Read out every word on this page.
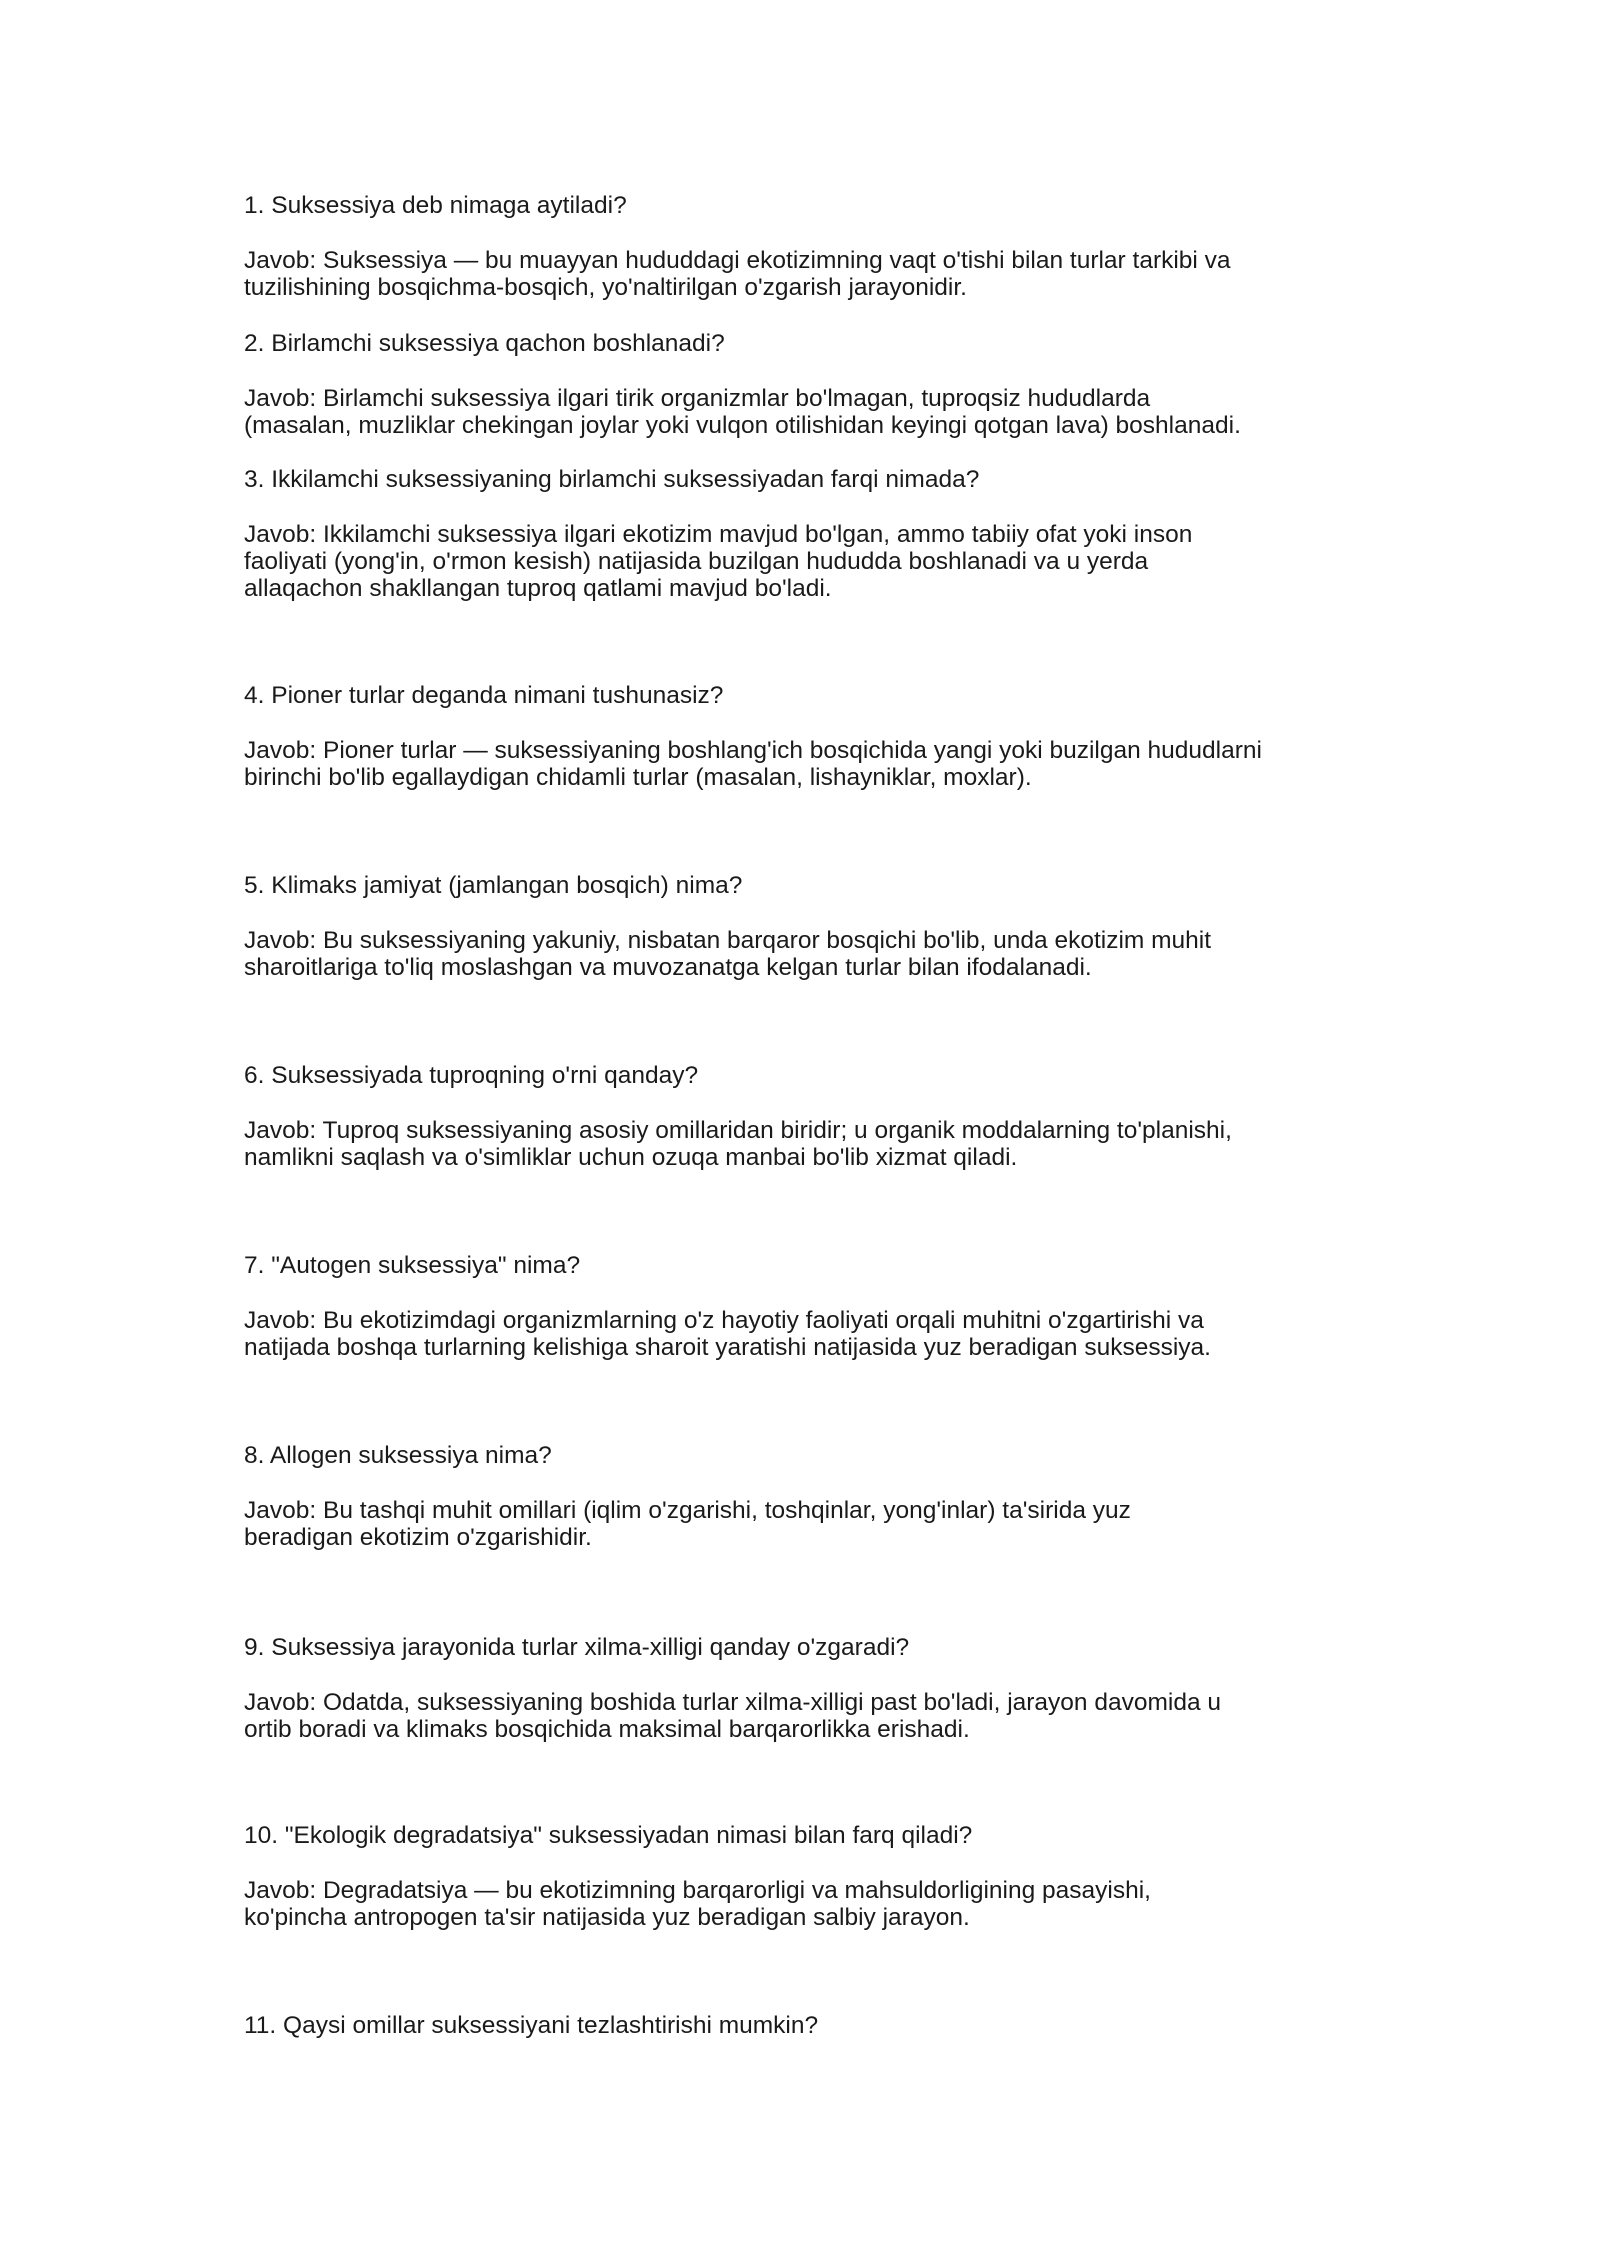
1. Suksessiya deb nimaga aytiladi?

Javob: Suksessiya — bu muayyan hududdagi ekotizimning vaqt o'tishi bilan turlar tarkibi va
tuzilishining bosqichma-bosqich, yo'naltirilgan o'zgarish jarayonidir.

2. Birlamchi suksessiya qachon boshlanadi?

Javob: Birlamchi suksessiya ilgari tirik organizmlar bo'lmagan, tuproqsiz hududlarda
(masalan, muzliklar chekingan joylar yoki vulqon otilishidan keyingi qotgan lava) boshlanadi.

3. Ikkilamchi suksessiyaning birlamchi suksessiyadan farqi nimada?

Javob: Ikkilamchi suksessiya ilgari ekotizim mavjud bo'lgan, ammo tabiiy ofat yoki inson
faoliyati (yong'in, o'rmon kesish) natijasida buzilgan hududda boshlanadi va u yerda
allaqachon shakllangan tuproq qatlami mavjud bo'ladi.

4. Pioner turlar deganda nimani tushunasiz?

Javob: Pioner turlar — suksessiyaning boshlang'ich bosqichida yangi yoki buzilgan hududlarni
birinchi bo'lib egallaydigan chidamli turlar (masalan, lishayniklar, moxlar).

5. Klimaks jamiyat (jamlangan bosqich) nima?

Javob: Bu suksessiyaning yakuniy, nisbatan barqaror bosqichi bo'lib, unda ekotizim muhit
sharoitlariga to'liq moslashgan va muvozanatga kelgan turlar bilan ifodalanadi.

6. Suksessiyada tuproqning o'rni qanday?

Javob: Tuproq suksessiyaning asosiy omillaridan biridir; u organik moddalarning to'planishi,
namlikni saqlash va o'simliklar uchun ozuqa manbai bo'lib xizmat qiladi.

7. "Autogen suksessiya" nima?

Javob: Bu ekotizimdagi organizmlarning o'z hayotiy faoliyati orqali muhitni o'zgartirishi va
natijada boshqa turlarning kelishiga sharoit yaratishi natijasida yuz beradigan suksessiya.

8. Allogen suksessiya nima?

Javob: Bu tashqi muhit omillari (iqlim o'zgarishi, toshqinlar, yong'inlar) ta'sirida yuz
beradigan ekotizim o'zgarishidir.

9. Suksessiya jarayonida turlar xilma-xilligi qanday o'zgaradi?

Javob: Odatda, suksessiyaning boshida turlar xilma-xilligi past bo'ladi, jarayon davomida u
ortib boradi va klimaks bosqichida maksimal barqarorlikka erishadi.

10. "Ekologik degradatsiya" suksessiyadan nimasi bilan farq qiladi?

Javob: Degradatsiya — bu ekotizimning barqarorligi va mahsuldorligining pasayishi,
ko'pincha antropogen ta'sir natijasida yuz beradigan salbiy jarayon.

11. Qaysi omillar suksessiyani tezlashtirishi mumkin?
